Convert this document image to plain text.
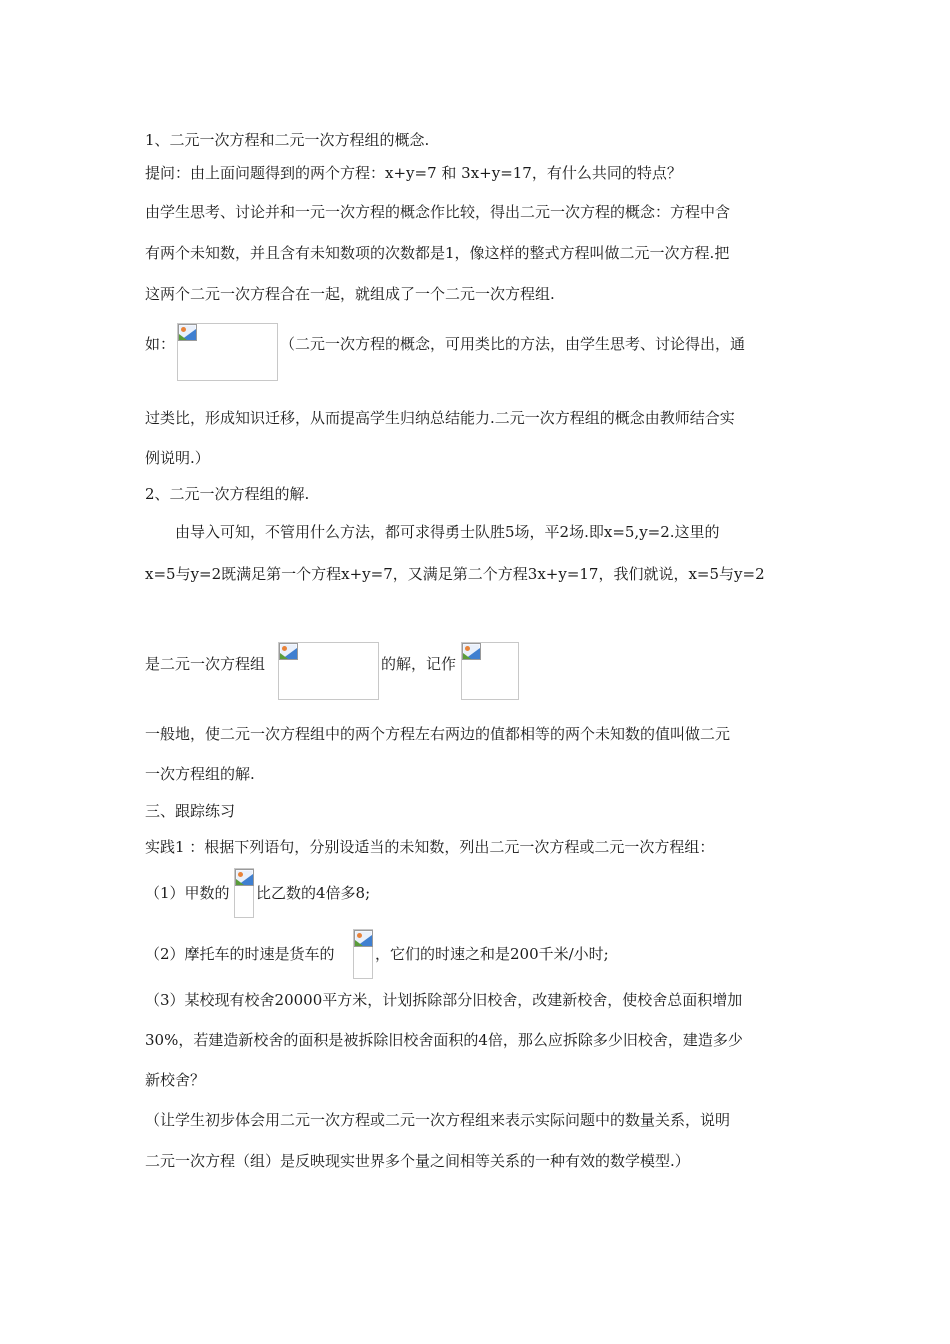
1、二元一次方程和二元一次方程组的概念.
提问：由上面问题得到的两个方程：x+y=7 和 3x+y=17，有什么共同的特点？
由学生思考、讨论并和一元一次方程的概念作比较，得出二元一次方程的概念：方程中含
有两个未知数，并且含有未知数项的次数都是1，像这样的整式方程叫做二元一次方程.把
这两个二元一次方程合在一起，就组成了一个二元一次方程组.
如：	（二元一次方程的概念，可用类比的方法，由学生思考、讨论得出，通
过类比，形成知识迁移，从而提高学生归纳总结能力.二元一次方程组的概念由教师结合实
例说明.）
2、二元一次方程组的解.
由导入可知，不管用什么方法，都可求得勇士队胜5场，平2场.即x=5,y=2.这里的
x=5与y=2既满足第一个方程x+y=7，又满足第二个方程3x+y=17，我们就说，x=5与y=2
是二元一次方程组	的解，记作
一般地，使二元一次方程组中的两个方程左右两边的值都相等的两个未知数的值叫做二元
一次方程组的解.
三、跟踪练习
实践1 ：根据下列语句，分别设适当的未知数，列出二元一次方程或二元一次方程组：
（1）甲数的 比乙数的4倍多8;
（2）摩托车的时速是货车的	，它们的时速之和是200千米/小时;
（3）某校现有校舍20000平方米，计划拆除部分旧校舍，改建新校舍，使校舍总面积增加
30%，若建造新校舍的面积是被拆除旧校舍面积的4倍，那么应拆除多少旧校舍，建造多少
新校舍？
（让学生初步体会用二元一次方程或二元一次方程组来表示实际问题中的数量关系，说明
二元一次方程（组）是反映现实世界多个量之间相等关系的一种有效的数学模型.）
